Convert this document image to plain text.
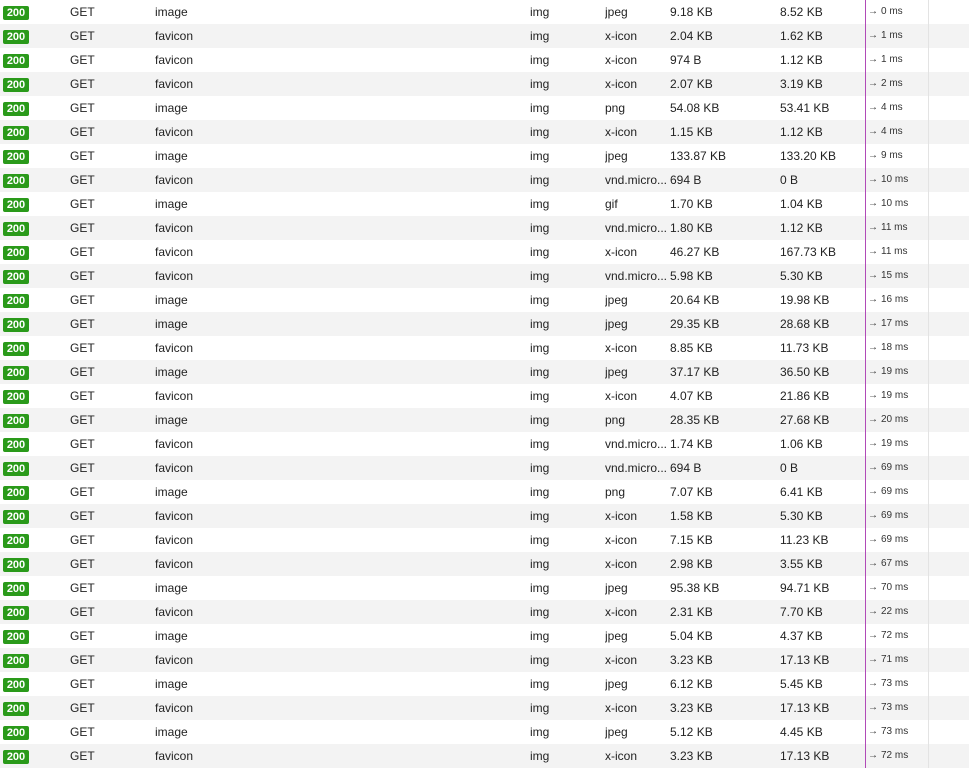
200	GET	image	img	jpeg	9.18 KB	8.52 KB	→ 0 ms
200	GET	favicon	img	x-icon	2.04 KB	1.62 KB	→ 1 ms
200	GET	favicon	img	x-icon	974 B	1.12 KB	→ 1 ms
200	GET	favicon	img	x-icon	2.07 KB	3.19 KB	→ 2 ms
200	GET	image	img	png	54.08 KB	53.41 KB	→ 4 ms
200	GET	favicon	img	x-icon	1.15 KB	1.12 KB	→ 4 ms
200	GET	image	img	jpeg	133.87 KB	133.20 KB	→ 9 ms
200	GET	favicon	img	vnd.micro... 694 B	0 B	→ 10 ms
200	GET	image	img	gif	1.70 KB	1.04 KB	→ 10 ms
200	GET	favicon	img	vnd.micro... 1.80 KB	1.12 KB	→ 11 ms
200	GET	favicon	img	x-icon	46.27 KB	167.73 KB	→ 11 ms
200	GET	favicon	img	vnd.micro... 5.98 KB	5.30 KB	→ 15 ms
200	GET	image	img	jpeg	20.64 KB	19.98 KB	→ 16 ms
200	GET	image	img	jpeg	29.35 KB	28.68 KB	→ 17 ms
200	GET	favicon	img	x-icon	8.85 KB	11.73 KB	→ 18 ms
200	GET	image	img	jpeg	37.17 KB	36.50 KB	→ 19 ms
200	GET	favicon	img	x-icon	4.07 KB	21.86 KB	→ 19 ms
200	GET	image	img	png	28.35 KB	27.68 KB	→ 20 ms
200	GET	favicon	img	vnd.micro... 1.74 KB	1.06 KB	→ 19 ms
200	GET	favicon	img	vnd.micro... 694 B	0 B	→ 69 ms
200	GET	image	img	png	7.07 KB	6.41 KB	→ 69 ms
200	GET	favicon	img	x-icon	1.58 KB	5.30 KB	→ 69 ms
200	GET	favicon	img	x-icon	7.15 KB	11.23 KB	→ 69 ms
200	GET	favicon	img	x-icon	2.98 KB	3.55 KB	→ 67 ms
200	GET	image	img	jpeg	95.38 KB	94.71 KB	→ 70 ms
200	GET	favicon	img	x-icon	2.31 KB	7.70 KB	→ 22 ms
200	GET	image	img	jpeg	5.04 KB	4.37 KB	→ 72 ms
200	GET	favicon	img	x-icon	3.23 KB	17.13 KB	→ 71 ms
200	GET	image	img	jpeg	6.12 KB	5.45 KB	→ 73 ms
200	GET	favicon	img	x-icon	3.23 KB	17.13 KB	→ 73 ms
200	GET	image	img	jpeg	5.12 KB	4.45 KB	→ 73 ms
200	GET	favicon	img	x-icon	3.23 KB	17.13 KB	→ 72 ms
